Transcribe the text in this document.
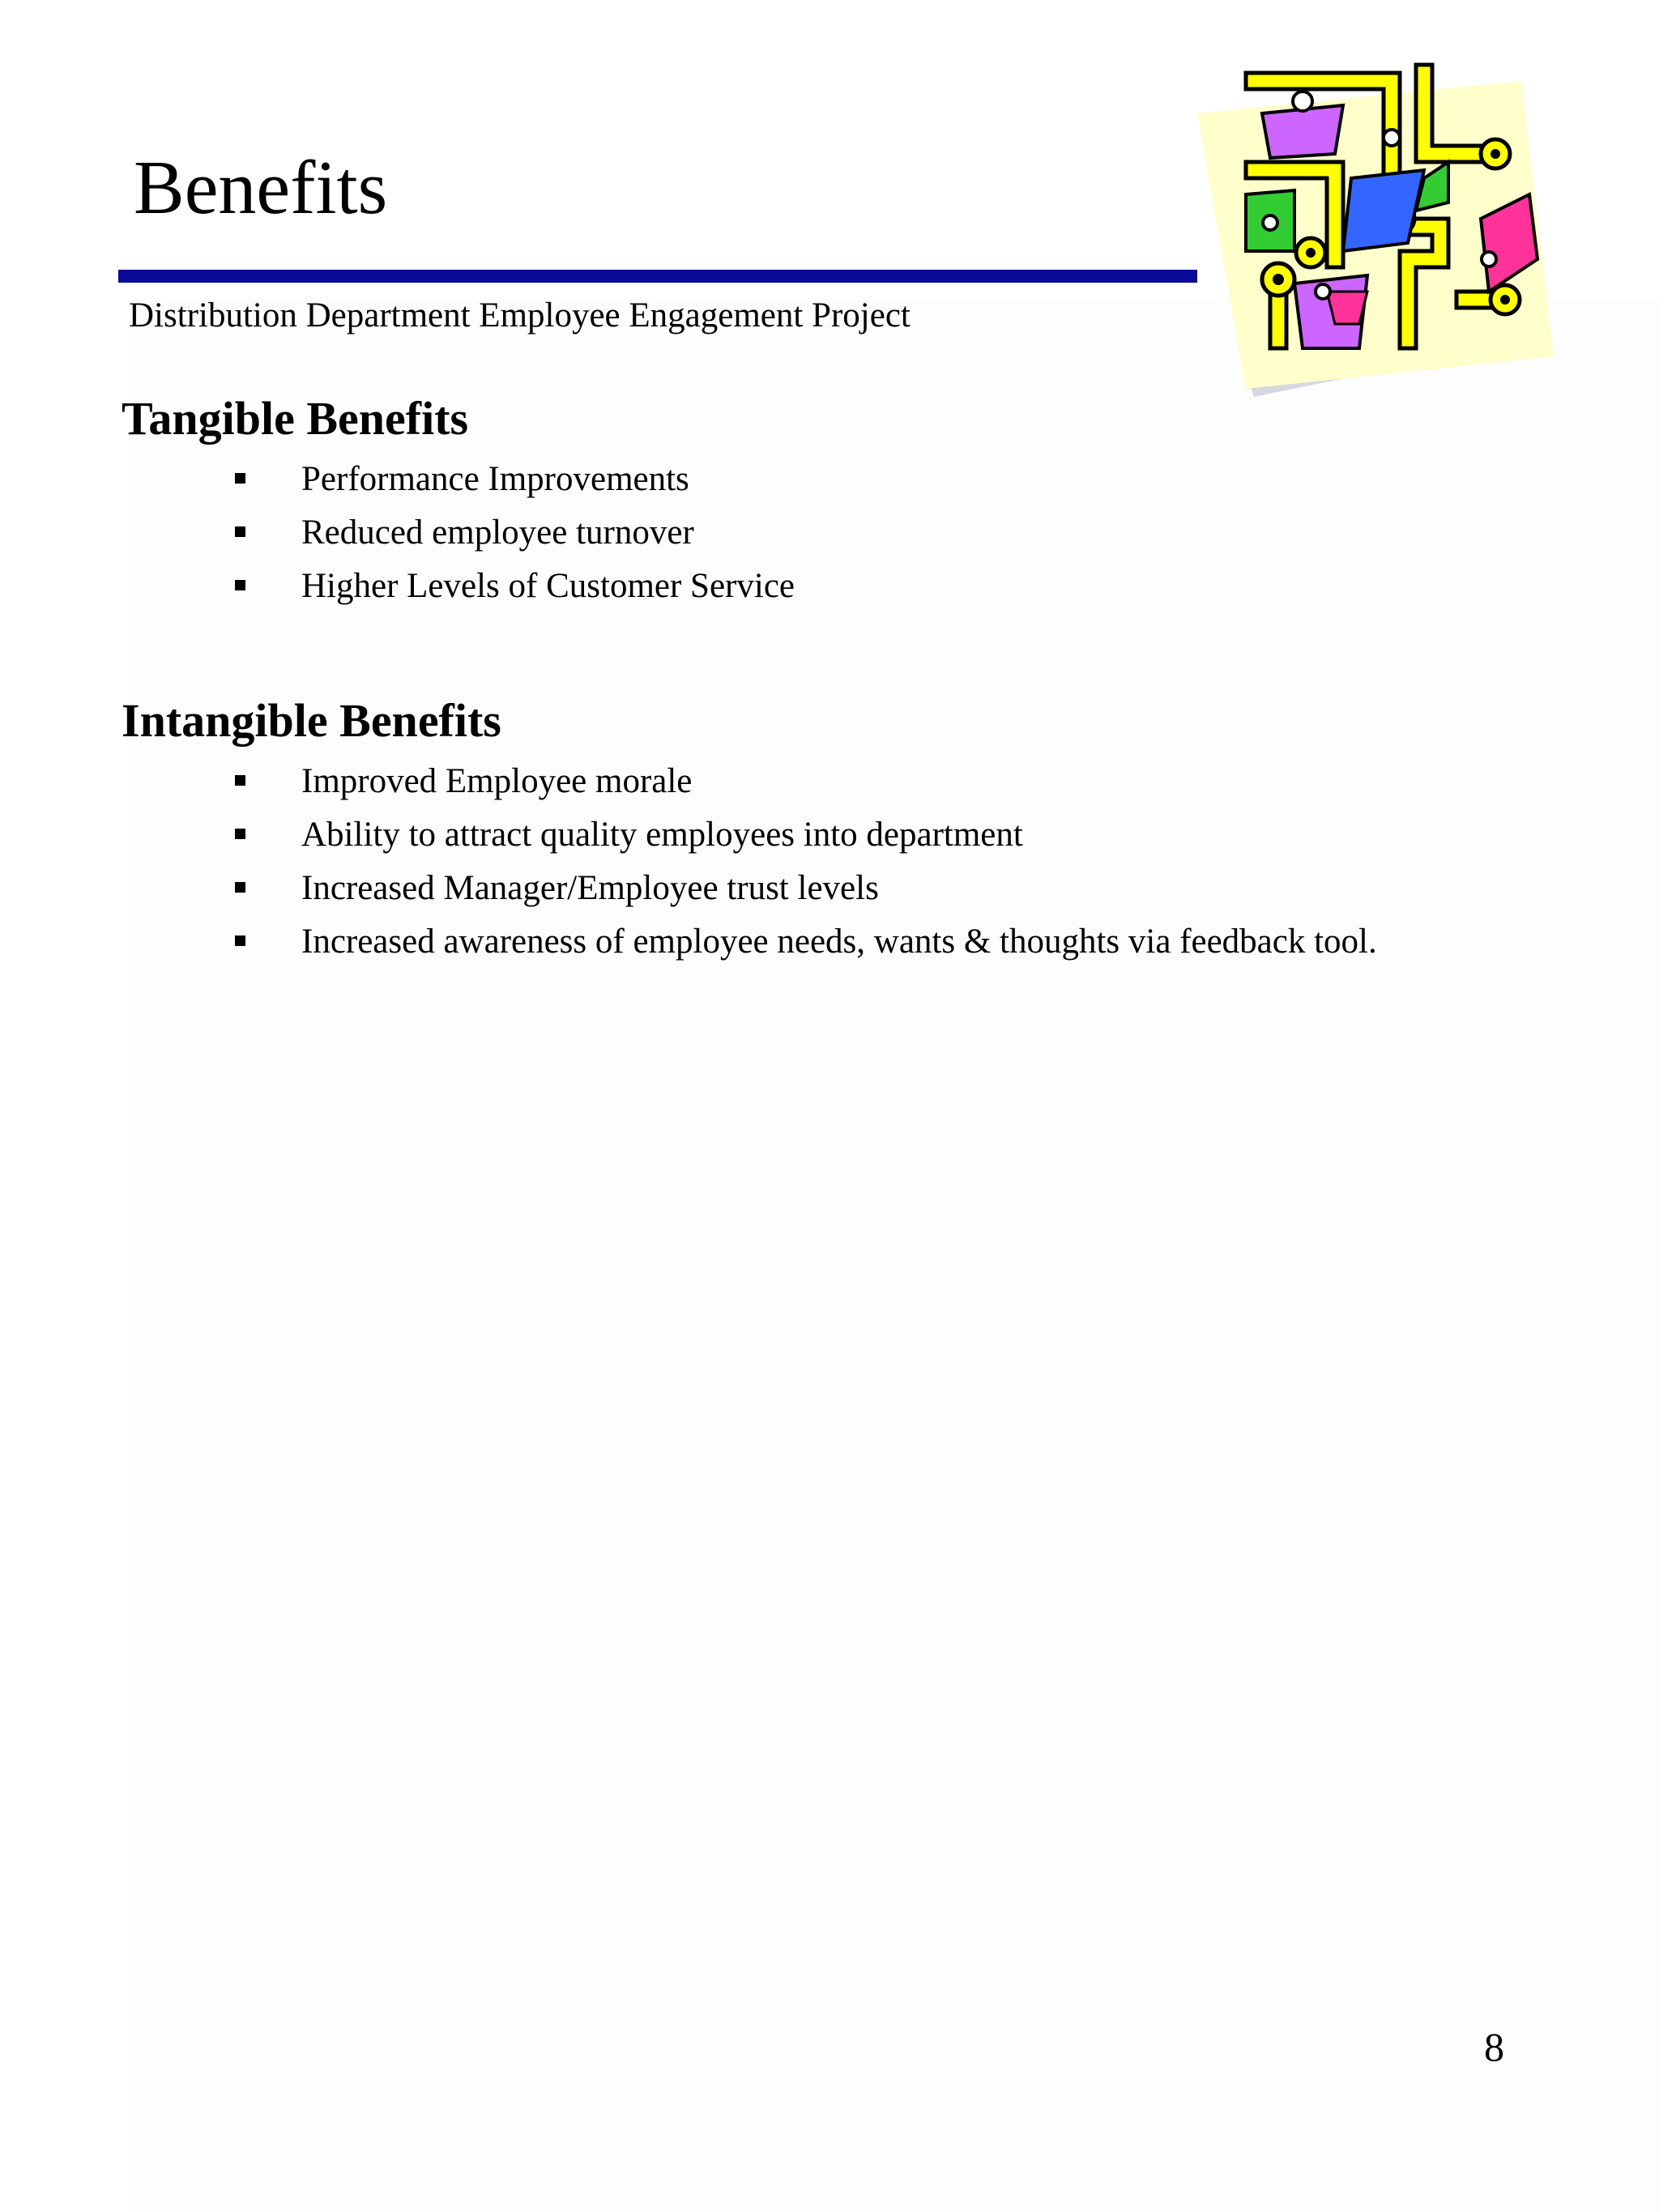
Benefits
Distribution Department Employee Engagement Project
Tangible Benefits
Performance Improvements
Reduced employee turnover
Higher Levels of Customer Service
Intangible Benefits
Improved Employee morale
Ability to attract quality employees into department
Increased Manager/Employee trust levels
Increased awareness of employee needs, wants & thoughts via feedback tool.
8
